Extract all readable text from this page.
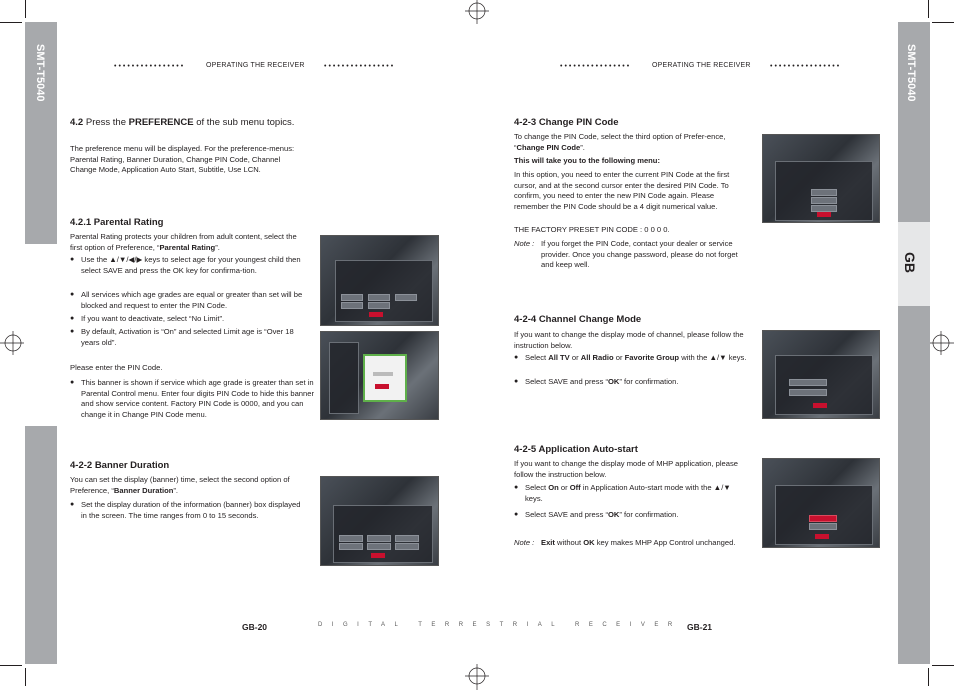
SMT-T5040	SMT-T5040
GB
••••••••••••••••	OPERATING THE RECEIVER	••••••••••••••••	••••••••••••••••	OPERATING THE RECEIVER	••••••••••••••••
4.2 Press the PREFERENCE of the sub menu topics.
The preference menu will be displayed. For the preference-menus: Parental Rating, Banner Duration, Change PIN Code, Channel Change Mode, Application Auto Start, Subtitle, Use LCN.
4.2.1 Parental Rating
Parental Rating protects your children from adult content, select the first option of Preference, “Parental Rating”.
● Use the ▲/▼/◀/▶ keys to select age for your youngest child then select SAVE and press the OK key for confirma-tion.
● All services which age grades are equal or greater than set will be blocked and request to enter the PIN Code.
● If you want to deactivate, select “No Limit”.
● By default, Activation is “On” and selected Limit age is “Over 18 years old”.
Please enter the PIN Code.
● This banner is shown if service which age grade is greater than set in Parental Control menu. Enter four digits PIN Code to hide this banner and show service content. Factory PIN Code is 0000, and you can change it in Change PIN Code menu.
4-2-2 Banner Duration
You can set the display (banner) time, select the second option of Preference, “Banner Duration”.
● Set the display duration of the information (banner) box displayed in the screen. The time ranges from 0 to 15 seconds.
GB-20	DIGITAL TERRESTRIAL RECEIVER
4-2-3 Change PIN Code
To change the PIN Code, select the third option of Prefer-ence, “Change PIN Code”.
This will take you to the following menu:
In this option, you need to enter the current PIN Code at the first cursor, and at the second cursor enter the desired PIN Code. To confirm, you need to enter the new PIN Code again. Please remember the PIN Code should be a 4 digit numerical value.
THE FACTORY PRESET PIN CODE : 0 0 0 0.
Note : If you forget the PIN Code, contact your dealer or service provider. Once you change password, please do not forget and keep well.
4-2-4 Channel Change Mode
If you want to change the display mode of channel, please follow the instruction below.
● Select All TV or All Radio or Favorite Group with the ▲/▼ keys.
● Select SAVE and press “OK” for confirmation.
4-2-5 Application Auto-start
If you want to change the display mode of MHP application, please follow the instruction below.
● Select On or Off in Application Auto-start mode with the ▲/▼ keys.
● Select SAVE and press “OK” for confirmation.
Note : Exit without OK key makes MHP App Control unchanged.
GB-21
